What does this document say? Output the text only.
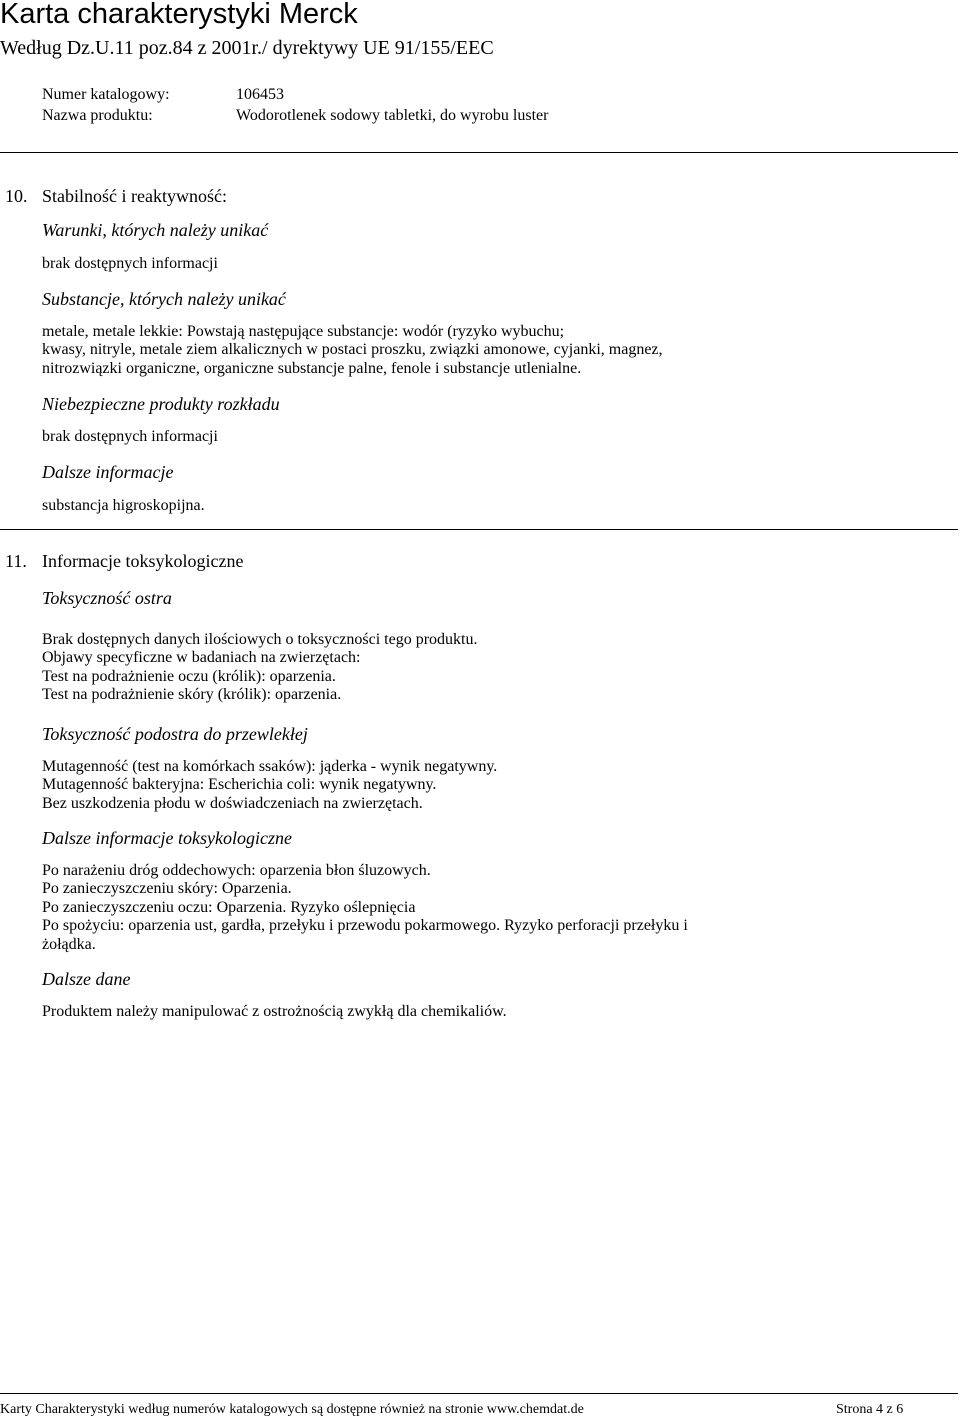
Karta charakterystyki Merck
Według Dz.U.11 poz.84 z 2001r./ dyrektywy UE 91/155/EEC
Numer katalogowy:	106453
Nazwa produktu:	Wodorotlenek sodowy tabletki, do wyrobu luster
10. Stabilność i reaktywność:
Warunki, których należy unikać
brak dostępnych informacji
Substancje, których należy unikać
metale, metale lekkie: Powstają następujące substancje: wodór (ryzyko wybuchu;
kwasy, nitryle, metale ziem alkalicznych w postaci proszku, związki amonowe, cyjanki, magnez,
nitrozwiązki organiczne, organiczne substancje palne, fenole i substancje utlenialne.
Niebezpieczne produkty rozkładu
brak dostępnych informacji
Dalsze informacje
substancja higroskopijna.
11. Informacje toksykologiczne
Toksyczność ostra
Brak dostępnych danych ilościowych o toksyczności tego produktu.
Objawy specyficzne w badaniach na zwierzętach:
Test na podrażnienie oczu (królik): oparzenia.
Test na podrażnienie skóry (królik): oparzenia.
Toksyczność podostra do przewlekłej
Mutagenność (test na komórkach ssaków): jąderka - wynik negatywny.
Mutagenność bakteryjna: Escherichia coli: wynik negatywny.
Bez uszkodzenia płodu w doświadczeniach na zwierzętach.
Dalsze informacje toksykologiczne
Po narażeniu dróg oddechowych: oparzenia błon śluzowych.
Po zanieczyszczeniu skóry: Oparzenia.
Po zanieczyszczeniu oczu: Oparzenia. Ryzyko oślepnięcia
Po spożyciu: oparzenia ust, gardła, przełyku i przewodu pokarmowego. Ryzyko perforacji przełyku i
żołądka.
Dalsze dane
Produktem należy manipulować z ostrożnością zwykłą dla chemikaliów.
Karty Charakterystyki według numerów katalogowych są dostępne również na stronie www.chemdat.de	Strona 4 z 6
